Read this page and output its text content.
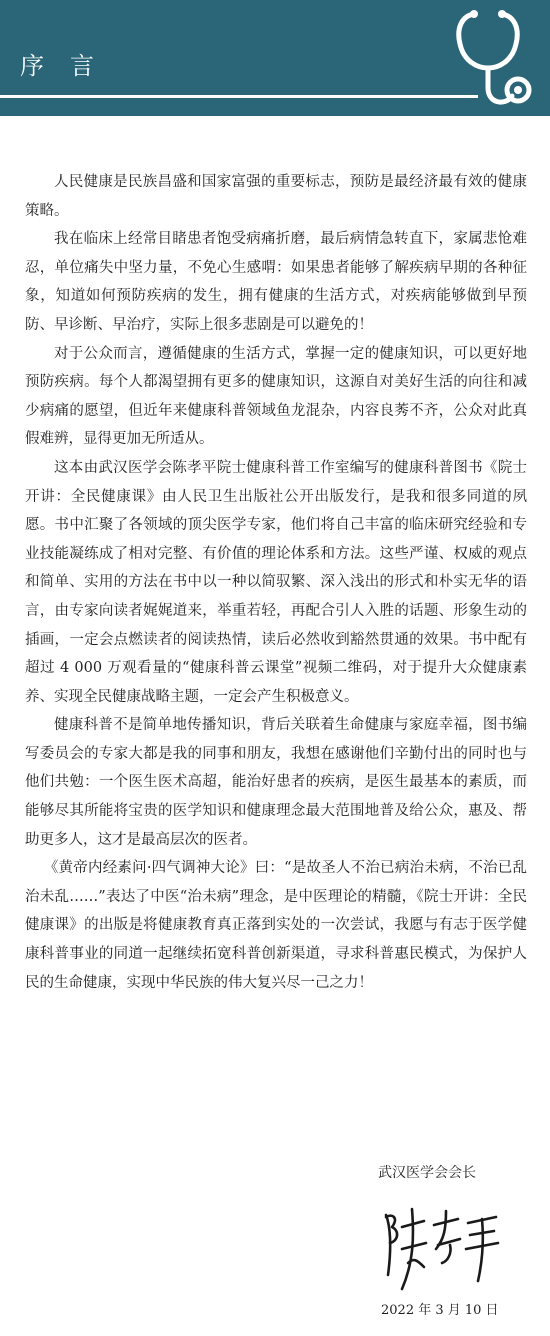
序言

人民健康是民族昌盛和国家富强的重要标志，预防是最经济最有效的健康策略。

我在临床上经常目睹患者饱受病痛折磨，最后病情急转直下，家属悲怆难忍，单位痛失中坚力量，不免心生感喟：如果患者能够了解疾病早期的各种征象，知道如何预防疾病的发生，拥有健康的生活方式，对疾病能够做到早预防、早诊断、早治疗，实际上很多悲剧是可以避免的！

对于公众而言，遵循健康的生活方式，掌握一定的健康知识，可以更好地预防疾病。每个人都渴望拥有更多的健康知识，这源自对美好生活的向往和减少病痛的愿望，但近年来健康科普领域鱼龙混杂，内容良莠不齐，公众对此真假难辨，显得更加无所适从。

这本由武汉医学会陈孝平院士健康科普工作室编写的健康科普图书《院士开讲：全民健康课》由人民卫生出版社公开出版发行，是我和很多同道的夙愿。书中汇聚了各领域的顶尖医学专家，他们将自己丰富的临床研究经验和专业技能凝练成了相对完整、有价值的理论体系和方法。这些严谨、权威的观点和简单、实用的方法在书中以一种以简驭繁、深入浅出的形式和朴实无华的语言，由专家向读者娓娓道来，举重若轻，再配合引人入胜的话题、形象生动的插画，一定会点燃读者的阅读热情，读后必然收到豁然贯通的效果。书中配有超过 4 000 万观看量的“健康科普云课堂”视频二维码，对于提升大众健康素养、实现全民健康战略主题，一定会产生积极意义。

健康科普不是简单地传播知识，背后关联着生命健康与家庭幸福，图书编写委员会的专家大都是我的同事和朋友，我想在感谢他们辛勤付出的同时也与他们共勉：一个医生医术高超，能治好患者的疾病，是医生最基本的素质，而能够尽其所能将宝贵的医学知识和健康理念最大范围地普及给公众，惠及、帮助更多人，这才是最高层次的医者。

《黄帝内经素问·四气调神大论》曰：“是故圣人不治已病治未病，不治已乱治未乱……”表达了中医“治未病”理念，是中医理论的精髓，《院士开讲：全民健康课》的出版是将健康教育真正落到实处的一次尝试，我愿与有志于医学健康科普事业的同道一起继续拓宽科普创新渠道，寻求科普惠民模式，为保护人民的生命健康，实现中华民族的伟大复兴尽一己之力！

武汉医学会会长
2022 年 3 月 10 日
